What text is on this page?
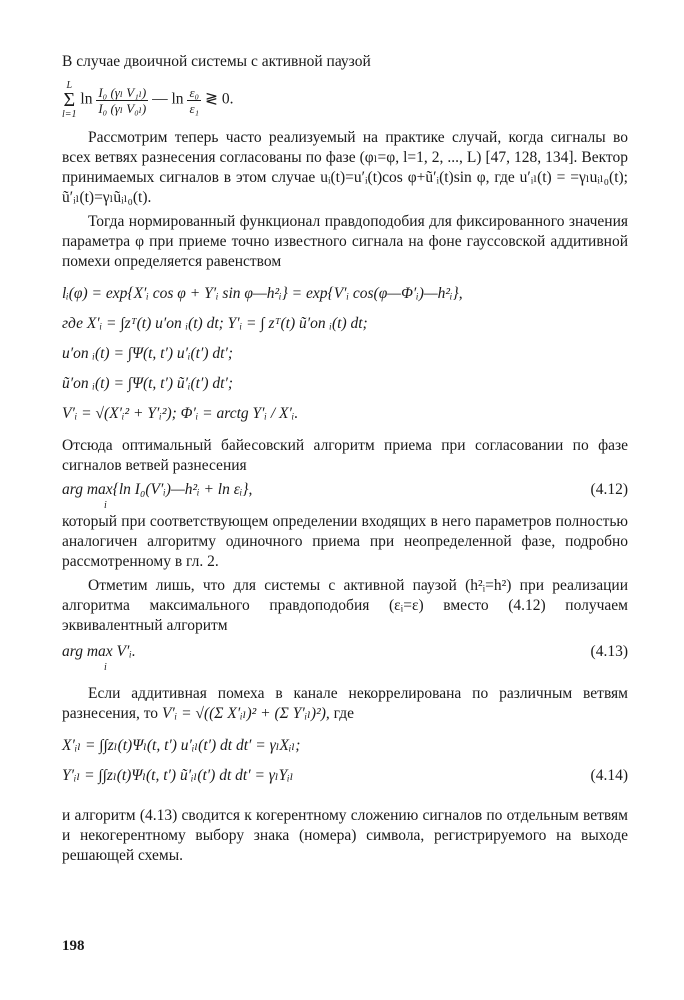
В случае двоичной системы с активной паузой

L
Σ
l=1
$\ln \frac{\text{I₀ (γₗ V₁ₗ)}}{\text{I₀ (γₗ V₀ₗ)}}$ — $\ln \frac{\text{ε₀}}{\text{ε₁}}$ ≷ 0.

Рассмотрим теперь часто реализуемый на практике случай, когда сигналы во всех ветвях разнесения согласованы по фазе (φₗ=φ, l=1, 2, ..., L) [47, 128, 134]. Вектор принимаемых сигналов в этом случае uᵢ(t)=u′ᵢ(t)cos φ+ũ′ᵢ(t)sin φ, где u′ᵢₗ(t) = =γₗuᵢₗ₀(t); ũ′ᵢₗ(t)=γₗũᵢₗ₀(t).

Тогда нормированный функционал правдоподобия для фиксированного значения параметра φ при приеме точно известного сигнала на фоне гауссовской аддитивной помехи определяется равенством

lᵢ(φ) = exp{X′ᵢ cos φ + Y′ᵢ sin φ—h²ᵢ} = exp{V′ᵢ cos(φ—Φ′ᵢ)—h²ᵢ},
где X′ᵢ = ∫zᵀ(t) u′оп ᵢ(t) dt; Y′ᵢ = ∫ zᵀ(t) ũ′оп ᵢ(t) dt;
u′оп ᵢ(t) = ∫Ψ(t, t′) u′ᵢ(t′) dt′;
ũ′оп ᵢ(t) = ∫Ψ(t, t′) ũ′ᵢ(t′) dt′;
V′ᵢ = √(X′ᵢ² + Y′ᵢ²); Φ′ᵢ = arctg Y′ᵢ / X′ᵢ.

Отсюда оптимальный байесовский алгоритм приема при согласовании по фазе сигналов ветвей разнесения

arg max{ln I₀(V′ᵢ)—h²ᵢ + ln εᵢ},	(4.12)
i

который при соответствующем определении входящих в него параметров полностью аналогичен алгоритму одиночного приема при неопределенной фазе, подробно рассмотренному в гл. 2.

Отметим лишь, что для системы с активной паузой (h²ᵢ=h²) при реализации алгоритма максимального правдоподобия (εᵢ=ε) вместо (4.12) получаем эквивалентный алгоритм

arg max V′ᵢ.	(4.13)
i

Если аддитивная помеха в канале некоррелирована по различным ветвям разнесения, то V′ᵢ = √((Σ X′ᵢₗ)² + (Σ Y′ᵢₗ)²), где

X′ᵢₗ = ∫∫zₗ(t)Ψₗ(t, t′) u′ᵢₗ(t′) dt dt′ = γₗXᵢₗ;
Y′ᵢₗ = ∫∫zₗ(t)Ψₗ(t, t′) ũ′ᵢₗ(t′) dt dt′ = γₗYᵢₗ	(4.14)

и алгоритм (4.13) сводится к когерентному сложению сигналов по отдельным ветвям и некогерентному выбору знака (номера) символа, регистрируемого на выходе решающей схемы.

198
